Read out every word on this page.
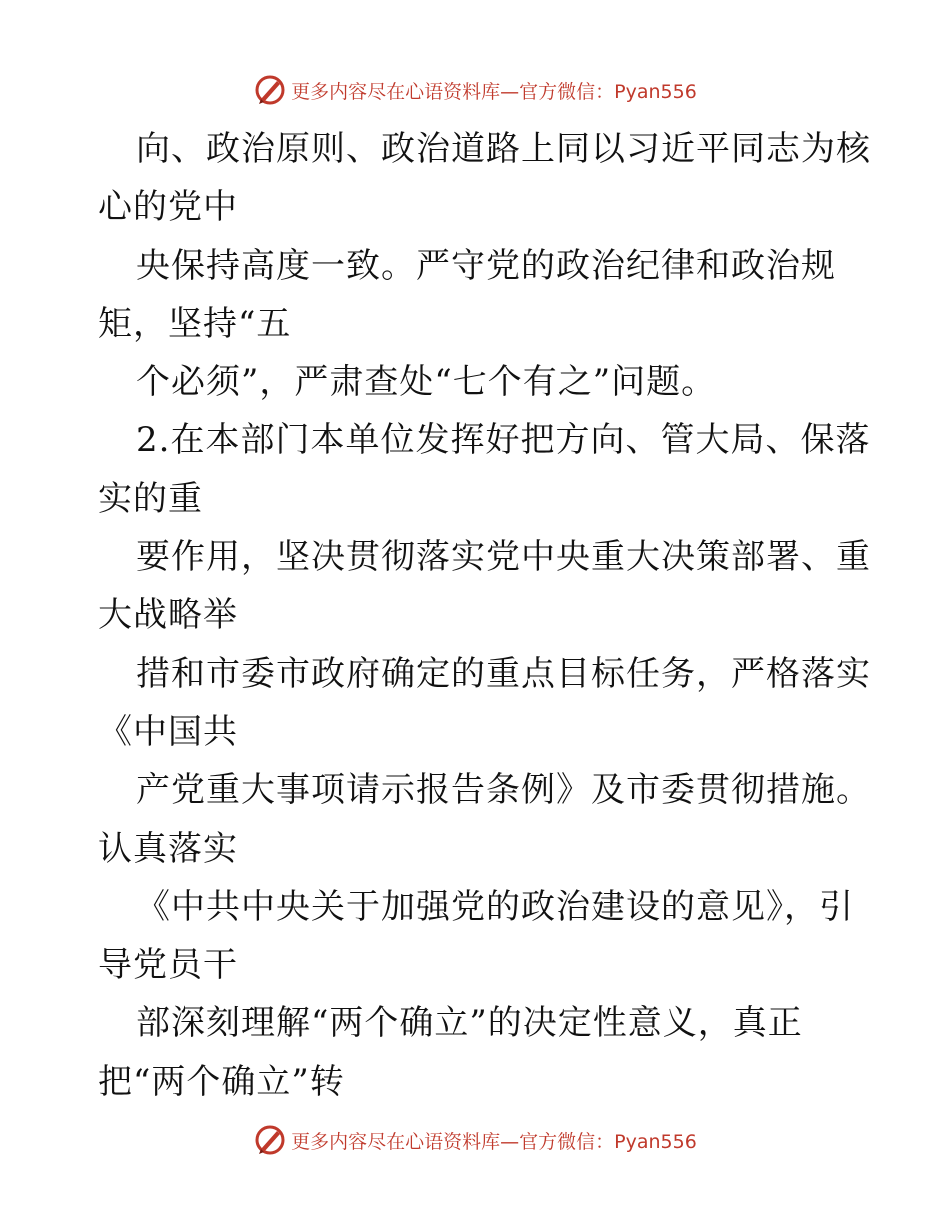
更多内容尽在心语资料库—官方微信：Pyan556
向、政治原则、政治道路上同以习近平同志为核
心的党中
央保持高度一致。严守党的政治纪律和政治规
矩，坚持“五
个必须”，严肃查处“七个有之”问题。
2.在本部门本单位发挥好把方向、管大局、保落
实的重
要作用，坚决贯彻落实党中央重大决策部署、重
大战略举
措和市委市政府确定的重点目标任务，严格落实
《中国共
产党重大事项请示报告条例》及市委贯彻措施。
认真落实
《中共中央关于加强党的政治建设的意见》，引
导党员干
部深刻理解“两个确立”的决定性意义，真正
把“两个确立”转
更多内容尽在心语资料库—官方微信：Pyan556
